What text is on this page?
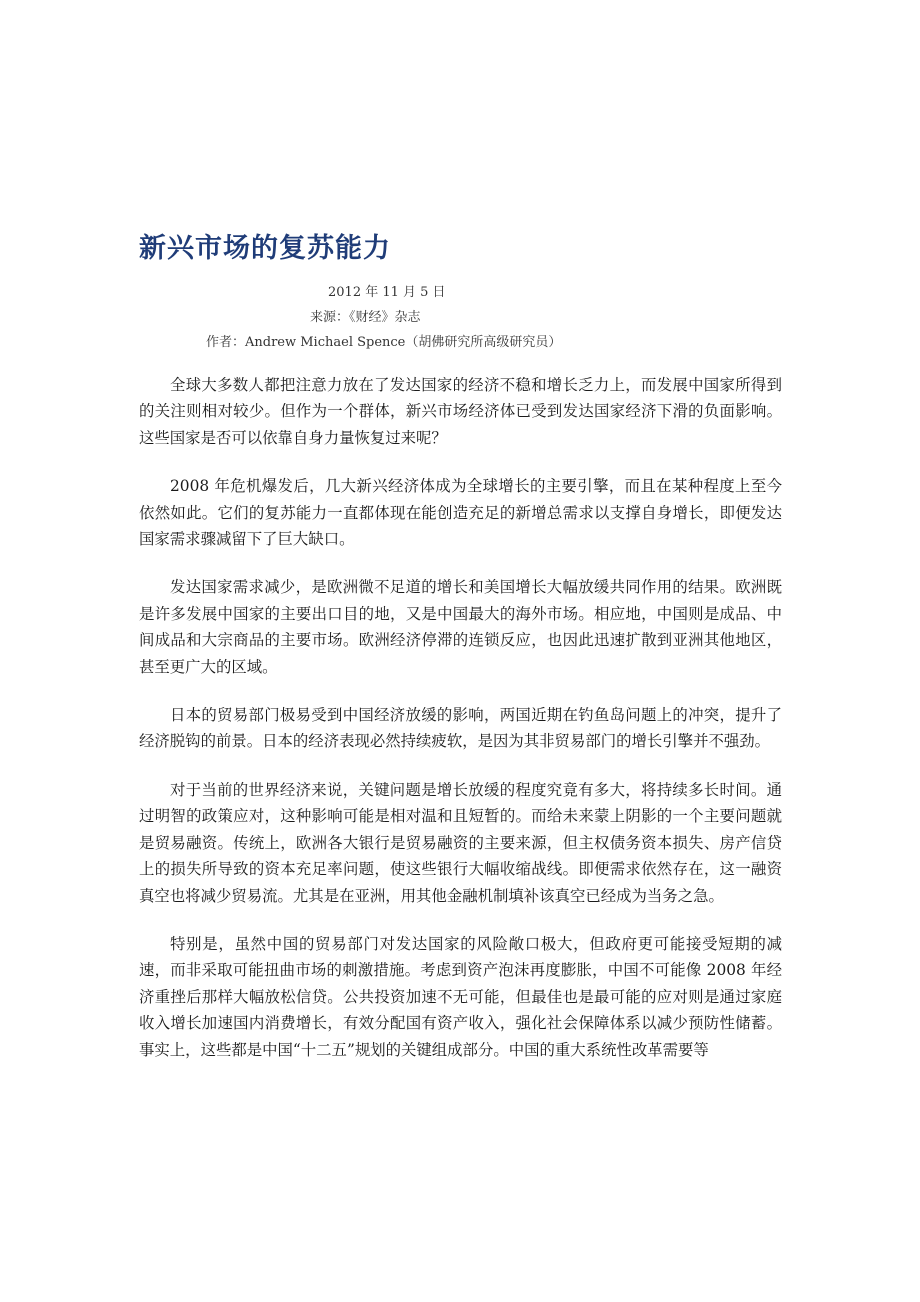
新兴市场的复苏能力
2012 年 11 月 5 日
来源：《财经》杂志
作者：Andrew Michael Spence（胡佛研究所高级研究员）

全球大多数人都把注意力放在了发达国家的经济不稳和增长乏力上，而发展中国家所得到的关注则相对较少。但作为一个群体，新兴市场经济体已受到发达国家经济下滑的负面影响。这些国家是否可以依靠自身力量恢复过来呢？

2008 年危机爆发后，几大新兴经济体成为全球增长的主要引擎，而且在某种程度上至今依然如此。它们的复苏能力一直都体现在能创造充足的新增总需求以支撑自身增长，即便发达国家需求骤减留下了巨大缺口。

发达国家需求减少，是欧洲微不足道的增长和美国增长大幅放缓共同作用的结果。欧洲既是许多发展中国家的主要出口目的地，又是中国最大的海外市场。相应地，中国则是成品、中间成品和大宗商品的主要市场。欧洲经济停滞的连锁反应，也因此迅速扩散到亚洲其他地区，甚至更广大的区域。

日本的贸易部门极易受到中国经济放缓的影响，两国近期在钓鱼岛问题上的冲突，提升了经济脱钩的前景。日本的经济表现必然持续疲软，是因为其非贸易部门的增长引擎并不强劲。

对于当前的世界经济来说，关键问题是增长放缓的程度究竟有多大，将持续多长时间。通过明智的政策应对，这种影响可能是相对温和且短暂的。而给未来蒙上阴影的一个主要问题就是贸易融资。传统上，欧洲各大银行是贸易融资的主要来源，但主权债务资本损失、房产信贷上的损失所导致的资本充足率问题，使这些银行大幅收缩战线。即便需求依然存在，这一融资真空也将减少贸易流。尤其是在亚洲，用其他金融机制填补该真空已经成为当务之急。

特别是，虽然中国的贸易部门对发达国家的风险敞口极大，但政府更可能接受短期的减速，而非采取可能扭曲市场的刺激措施。考虑到资产泡沫再度膨胀，中国不可能像 2008 年经济重挫后那样大幅放松信贷。公共投资加速不无可能，但最佳也是最可能的应对则是通过家庭收入增长加速国内消费增长，有效分配国有资产收入，强化社会保障体系以减少预防性储蓄。事实上，这些都是中国“十二五”规划的关键组成部分。中国的重大系统性改革需要等
